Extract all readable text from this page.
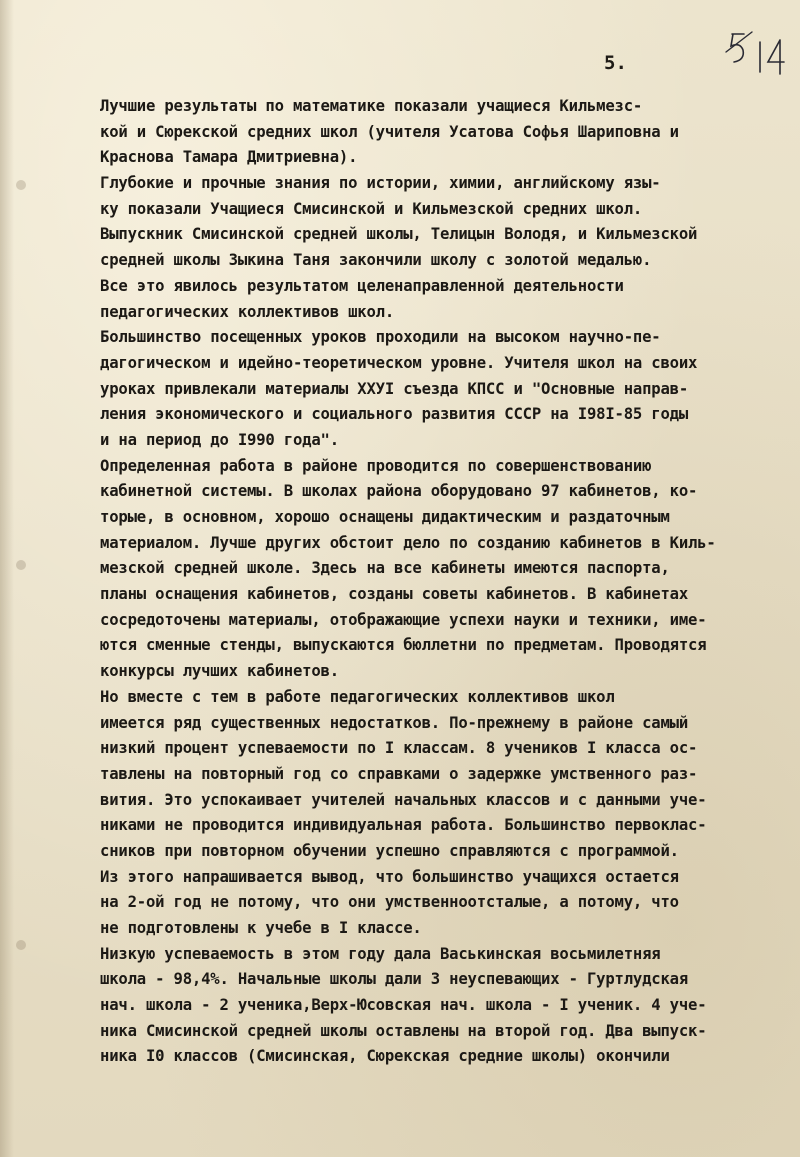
5.
Лучшие результаты по математике показали учащиеся Кильмезс-
кой и Сюрекской средних школ (учителя Усатова Софья Шариповна и
Краснова Тамара Дмитриевна).
Глубокие и прочные знания по истории, химии, английскому язы-
ку показали Учащиеся Смисинской и Кильмезской средних школ.
Выпускник Смисинской средней школы, Телицын Володя, и Кильмезской
средней школы Зыкина Таня закончили школу с золотой медалью.
Все это явилось результатом целенаправленной деятельности
педагогических коллективов школ.
Большинство посещенных уроков проходили на высоком научно-пе-
дагогическом и идейно-теоретическом уровне. Учителя школ на своих
уроках привлекали материалы ХХУI съезда КПСС и "Основные направ-
ления экономического и социального развития СССР на I98I-85 годы
и на период до I990 года".
Определенная работа в районе проводится по совершенствованию
кабинетной системы. В школах района оборудовано 97 кабинетов, ко-
торые, в основном, хорошо оснащены дидактическим и раздаточным
материалом. Лучше других обстоит дело по созданию кабинетов в Киль-
мезской средней школе. Здесь на все кабинеты имеются паспорта,
планы оснащения кабинетов, созданы советы кабинетов. В кабинетах
сосредоточены материалы, отображающие успехи науки и техники, име-
ются сменные стенды, выпускаются бюллетни по предметам. Проводятся
конкурсы лучших кабинетов.
Но вместе с тем в работе педагогических коллективов школ
имеется ряд существенных недостатков. По-прежнему в районе самый
низкий процент успеваемости по I классам. 8 учеников I класса ос-
тавлены на повторный год со справками о задержке умственного раз-
вития. Это успокаивает учителей начальных классов и с данными уче-
никами не проводится индивидуальная работа. Большинство первоклас-
сников при повторном обучении успешно справляются с программой.
Из этого напрашивается вывод, что большинство учащихся остается
на 2-ой год не потому, что они умственноотсталые, а потому, что
не подготовлены к учебе в I классе.
Низкую успеваемость в этом году дала Васькинская восьмилетняя
школа - 98,4%. Начальные школы дали 3 неуспевающих - Гуртлудская
нач. школа - 2 ученика,Верх-Юсовская нач. школа - I ученик. 4 уче-
ника Смисинской средней школы оставлены на второй год. Два выпуск-
ника I0 классов (Смисинская, Сюрекская средние школы) окончили
